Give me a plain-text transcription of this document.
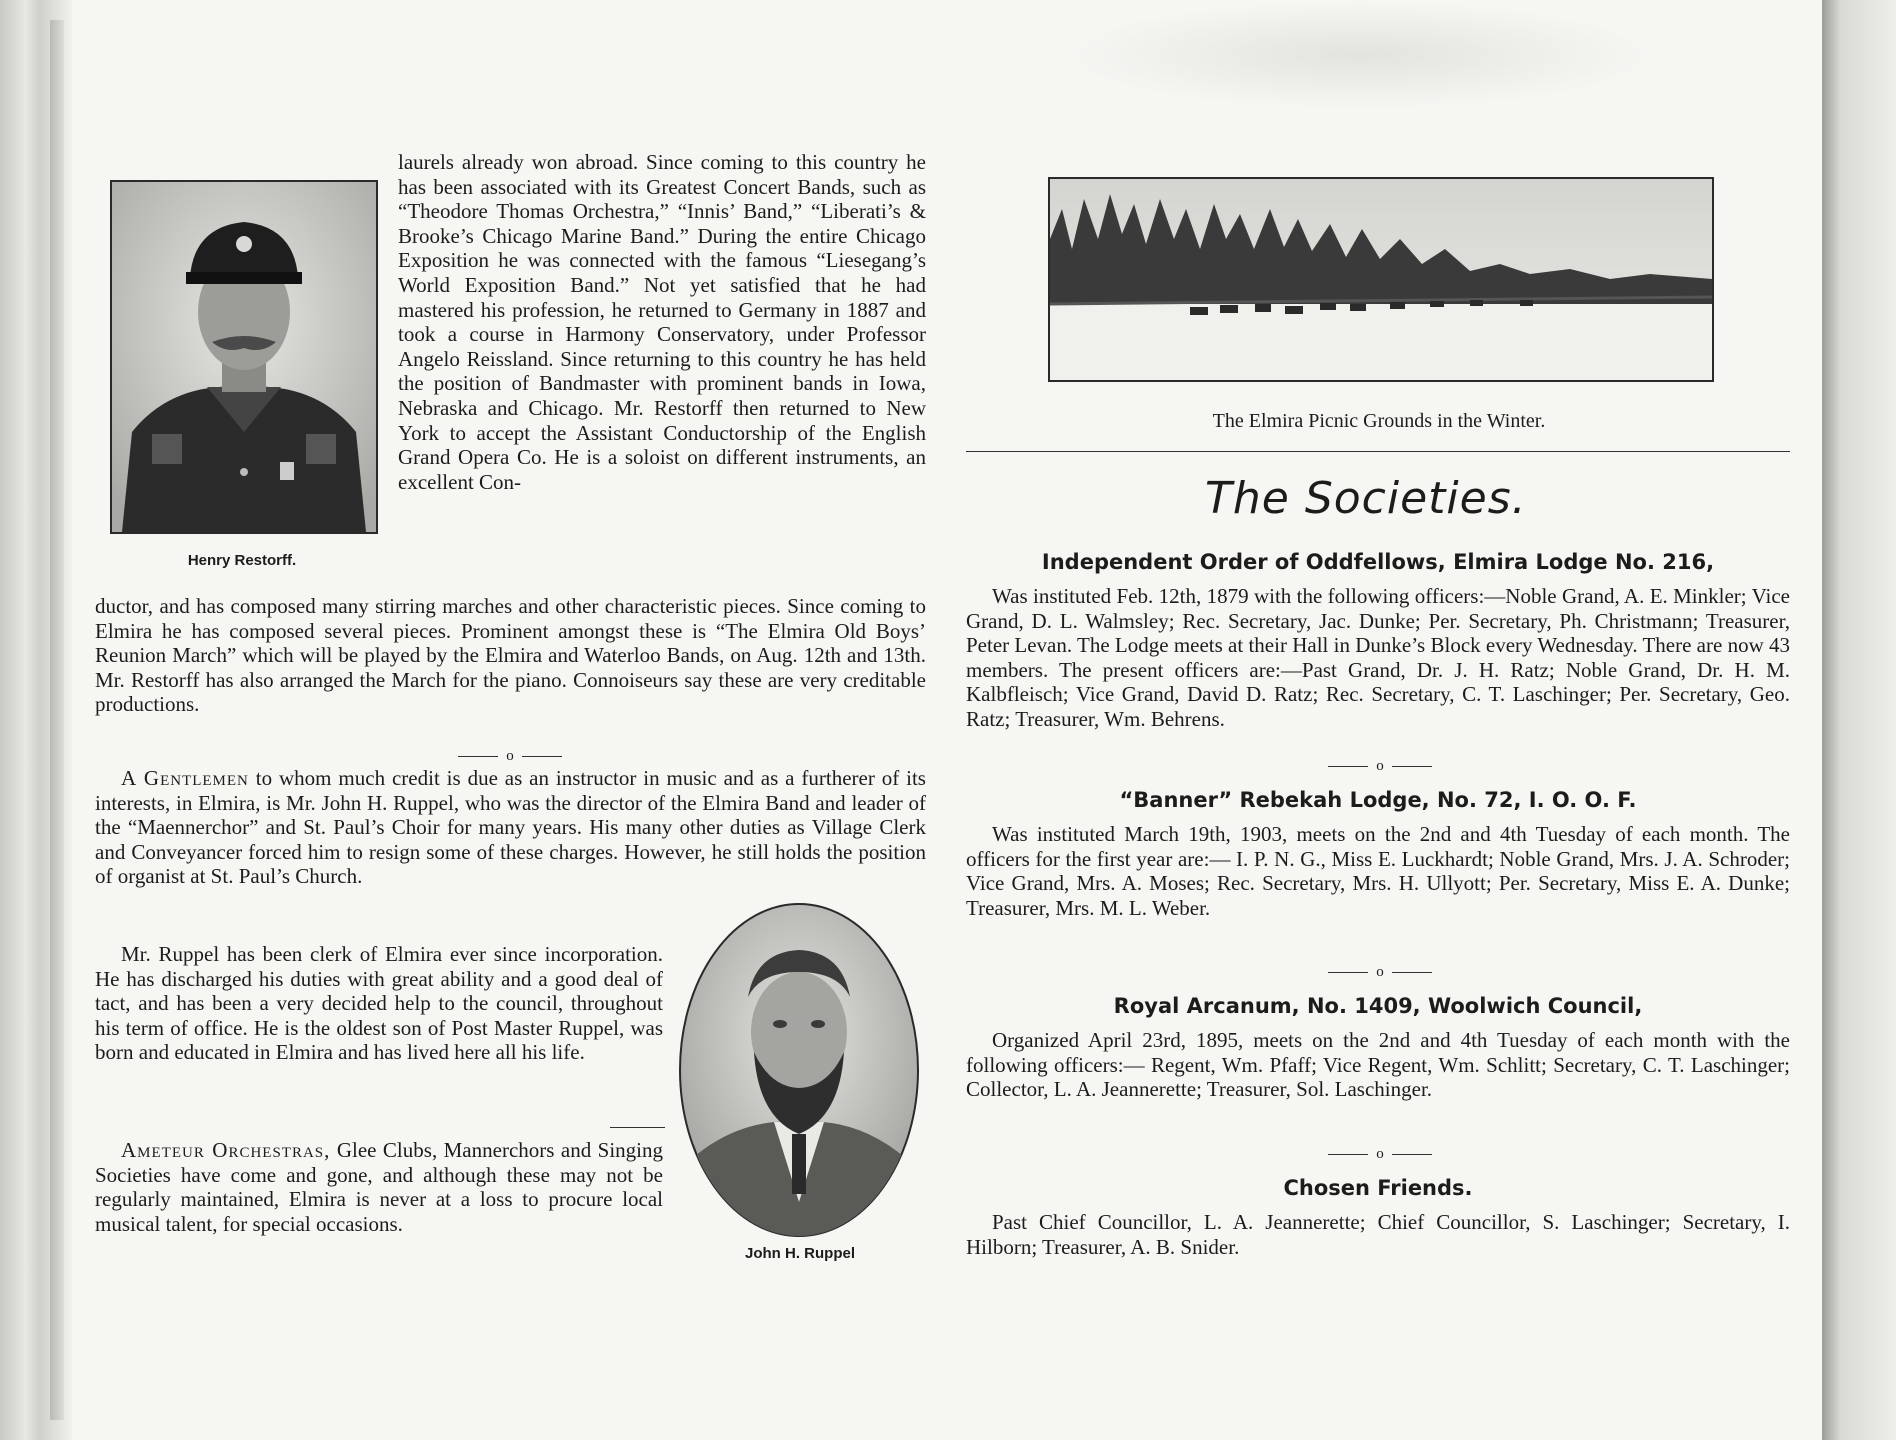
Henry Restorff.

laurels already won abroad. Since coming to this country he has been associated with its Greatest Concert Bands, such as “Theodore Thomas Orchestra,” “Innis’ Band,” “Liberati’s & Brooke’s Chicago Marine Band.” During the entire Chicago Exposition he was connected with the famous “Liesegang’s World Exposition Band.” Not yet satisfied that he had mastered his profession, he returned to Germany in 1887 and took a course in Harmony Conservatory, under Professor Angelo Reissland. Since returning to this country he has held the position of Bandmaster with prominent bands in Iowa, Nebraska and Chicago. Mr. Restorff then returned to New York to accept the Assistant Conductorship of the English Grand Opera Co. He is a soloist on different instruments, an excellent Con-

ductor, and has composed many stirring marches and other characteristic pieces. Since coming to Elmira he has composed several pieces. Prominent amongst these is “The Elmira Old Boys’ Reunion March” which will be played by the Elmira and Waterloo Bands, on Aug. 12th and 13th. Mr. Restorff has also arranged the March for the piano. Connoiseurs say these are very creditable productions.

o

A Gentlemen to whom much credit is due as an instructor in music and as a furtherer of its interests, in Elmira, is Mr. John H. Ruppel, who was the director of the Elmira Band and leader of the “Maennerchor” and St. Paul’s Choir for many years. His many other duties as Village Clerk and Conveyancer forced him to resign some of these charges. However, he still holds the position of organist at St. Paul’s Church.

Mr. Ruppel has been clerk of Elmira ever since incorporation. He has discharged his duties with great ability and a good deal of tact, and has been a very decided help to the council, throughout his term of office. He is the oldest son of Post Master Ruppel, was born and educated in Elmira and has lived here all his life.

Ameteur Orchestras, Glee Clubs, Mannerchors and Singing Societies have come and gone, and although these may not be regularly maintained, Elmira is never at a loss to procure local musical talent, for special occasions.

John H. Ruppel

The Elmira Picnic Grounds in the Winter.

The Societies.
Independent Order of Oddfellows, Elmira Lodge No. 216,

Was instituted Feb. 12th, 1879 with the following officers:—Noble Grand, A. E. Minkler; Vice Grand, D. L. Walmsley; Rec. Secretary, Jac. Dunke; Per. Secretary, Ph. Christmann; Treasurer, Peter Levan. The Lodge meets at their Hall in Dunke’s Block every Wednesday. There are now 43 members. The present officers are:—Past Grand, Dr. J. H. Ratz; Noble Grand, Dr. H. M. Kalbfleisch; Vice Grand, David D. Ratz; Rec. Secretary, C. T. Laschinger; Per. Secretary, Geo. Ratz; Treasurer, Wm. Behrens.

o
“Banner” Rebekah Lodge, No. 72, I. O. O. F.

Was instituted March 19th, 1903, meets on the 2nd and 4th Tuesday of each month. The officers for the first year are:— I. P. N. G., Miss E. Luckhardt; Noble Grand, Mrs. J. A. Schroder; Vice Grand, Mrs. A. Moses; Rec. Secretary, Mrs. H. Ullyott; Per. Secretary, Miss E. A. Dunke; Treasurer, Mrs. M. L. Weber.

o
Royal Arcanum, No. 1409, Woolwich Council,

Organized April 23rd, 1895, meets on the 2nd and 4th Tuesday of each month with the following officers:— Regent, Wm. Pfaff; Vice Regent, Wm. Schlitt; Secretary, C. T. Laschinger; Collector, L. A. Jeannerette; Treasurer, Sol. Laschinger.

o
Chosen Friends.

Past Chief Councillor, L. A. Jeannerette; Chief Councillor, S. Laschinger; Secretary, I. Hilborn; Treasurer, A. B. Snider.
